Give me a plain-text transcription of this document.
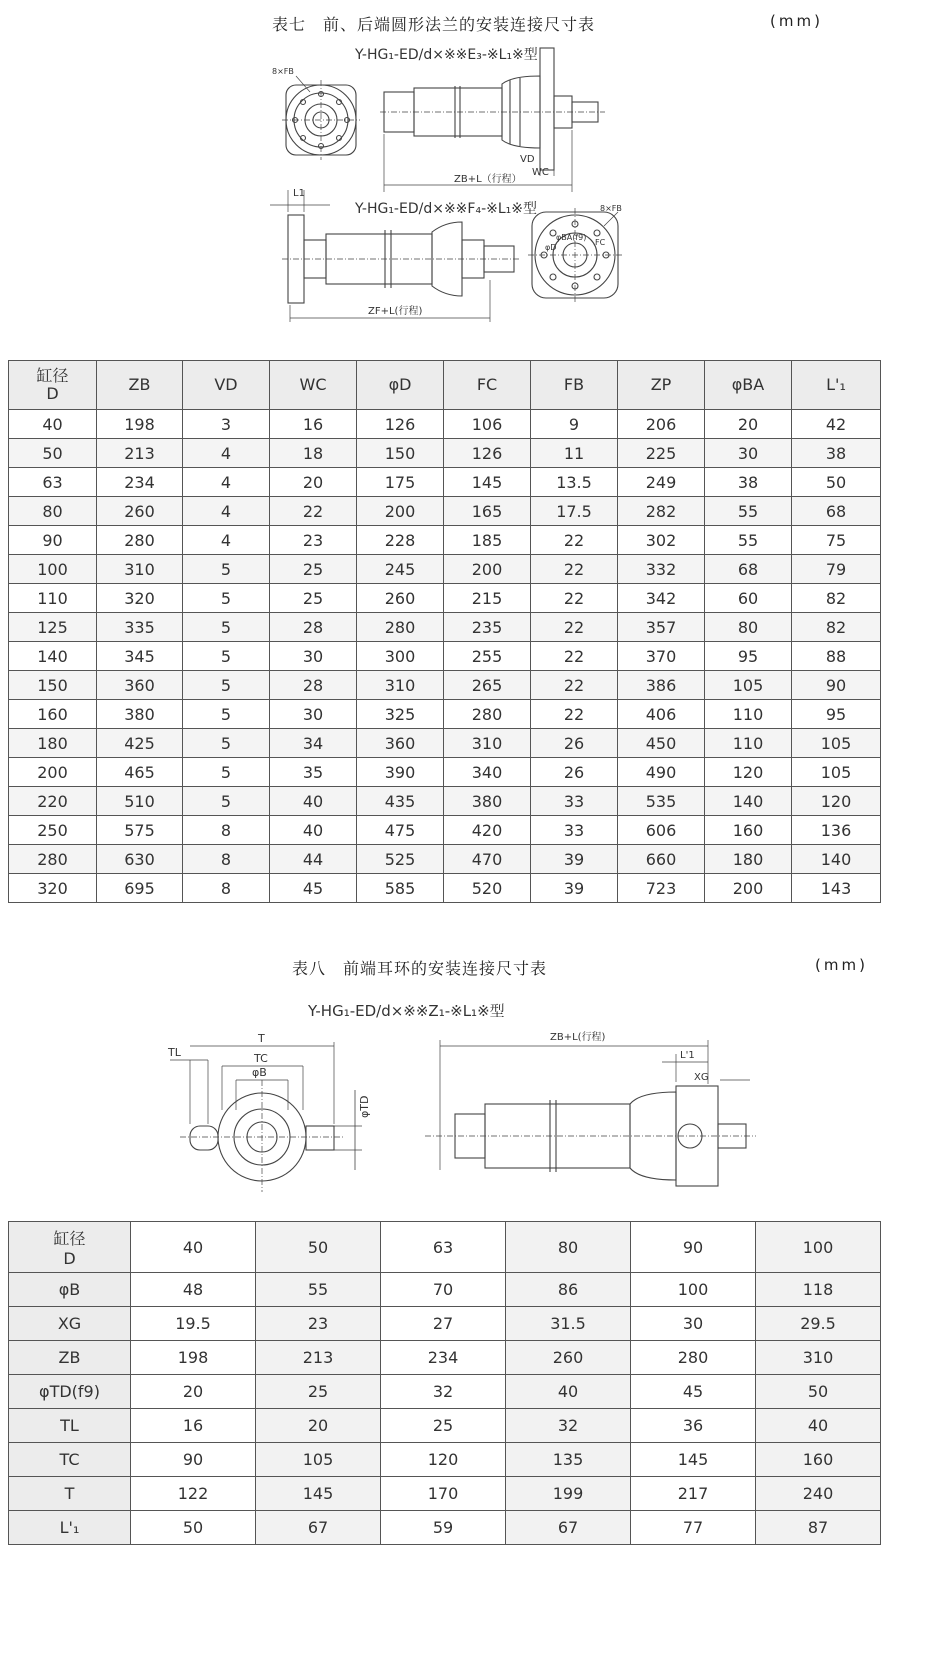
表七　前、后端圆形法兰的安装连接尺寸表	(mm)
Y-HG₁-ED/d×※※E₃-※L₁※型
Y-HG₁-ED/d×※※F₄-※L₁※型
8×FB
VD
WC
ZB+L（行程）
L1
8×FB
φBA(f9)
φD
FC
ZF+L(行程)
缸径
D	ZB	VD	WC	φD	FC	FB	ZP	φBA	L'₁
40	198	3	16	126	106	9	206	20	42
50	213	4	18	150	126	11	225	30	38
63	234	4	20	175	145	13.5	249	38	50
80	260	4	22	200	165	17.5	282	55	68
90	280	4	23	228	185	22	302	55	75
100	310	5	25	245	200	22	332	68	79
110	320	5	25	260	215	22	342	60	82
125	335	5	28	280	235	22	357	80	82
140	345	5	30	300	255	22	370	95	88
150	360	5	28	310	265	22	386	105	90
160	380	5	30	325	280	22	406	110	95
180	425	5	34	360	310	26	450	110	105
200	465	5	35	390	340	26	490	120	105
220	510	5	40	435	380	33	535	140	120
250	575	8	40	475	420	33	606	160	136
280	630	8	44	525	470	39	660	180	140
320	695	8	45	585	520	39	723	200	143
表八　前端耳环的安装连接尺寸表	(mm)
Y-HG₁-ED/d×※※Z₁-※L₁※型
TL
T
TC
φB
φTD
ZB+L(行程)
L'1
XG
缸径
D	40	50	63	80	90	100
φB	48	55	70	86	100	118
XG	19.5	23	27	31.5	30	29.5
ZB	198	213	234	260	280	310
φTD(f9)	20	25	32	40	45	50
TL	16	20	25	32	36	40
TC	90	105	120	135	145	160
T	122	145	170	199	217	240
L'₁	50	67	59	67	77	87
